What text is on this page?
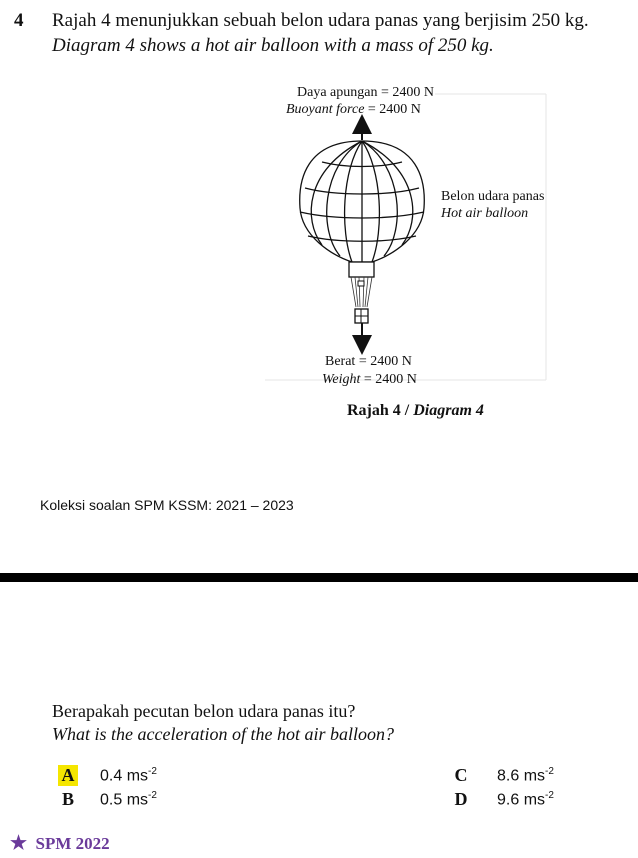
4 Rajah 4 menunjukkan sebuah belon udara panas yang berjisim 250 kg.
Diagram 4 shows a hot air balloon with a mass of 250 kg.
Daya apungan = 2400 N
Buoyant force = 2400 N
Belon udara panas
Hot air balloon
Berat = 2400 N
Weight = 2400 N
Rajah 4 / Diagram 4
Koleksi soalan SPM KSSM: 2021 – 2023
Berapakah pecutan belon udara panas itu?
What is the acceleration of the hot air balloon?
A 0.4 $ms^{-2}$
B 0.5 $ms^{-2}$
C 8.6 $ms^{-2}$
D 9.6 $ms^{-2}$
★ SPM 2022
